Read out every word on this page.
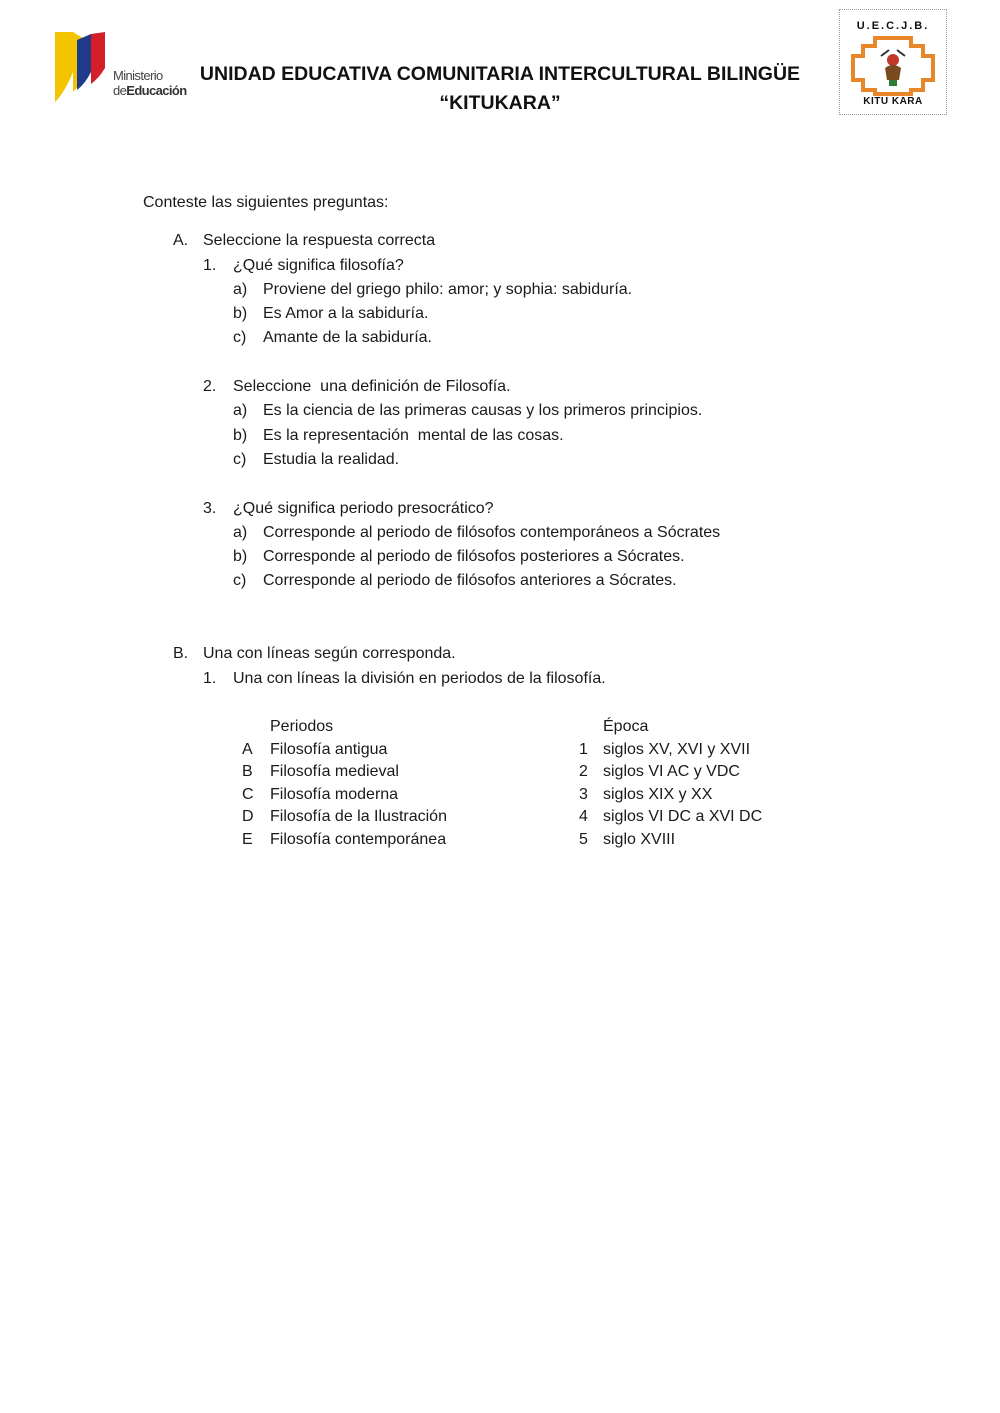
Ministerio
deEducación
UNIDAD EDUCATIVA COMUNITARIA INTERCULTURAL BILINGÜE
“KITUKARA”
U.E.C.J.B.
KITU KARA
Conteste las siguientes preguntas:
A. Seleccione la respuesta correcta
1. ¿Qué significa filosofía?
a) Proviene del griego philo: amor; y sophia: sabiduría.
b) Es Amor a la sabiduría.
c) Amante de la sabiduría.
2. Seleccione  una definición de Filosofía.
a) Es la ciencia de las primeras causas y los primeros principios.
b) Es la representación  mental de las cosas.
c) Estudia la realidad.
3. ¿Qué significa periodo presocrático?
a) Corresponde al periodo de filósofos contemporáneos a Sócrates
b) Corresponde al periodo de filósofos posteriores a Sócrates.
c) Corresponde al periodo de filósofos anteriores a Sócrates.
B. Una con líneas según corresponda.
1. Una con líneas la división en periodos de la filosofía.
Periodos	Época
A Filosofía antigua	1 siglos XV, XVI y XVII
B Filosofía medieval	2 siglos VI AC y VDC
C Filosofía moderna	3 siglos XIX y XX
D Filosofía de la Ilustración	4 siglos VI DC a XVI DC
E Filosofía contemporánea	5 siglo XVIII
